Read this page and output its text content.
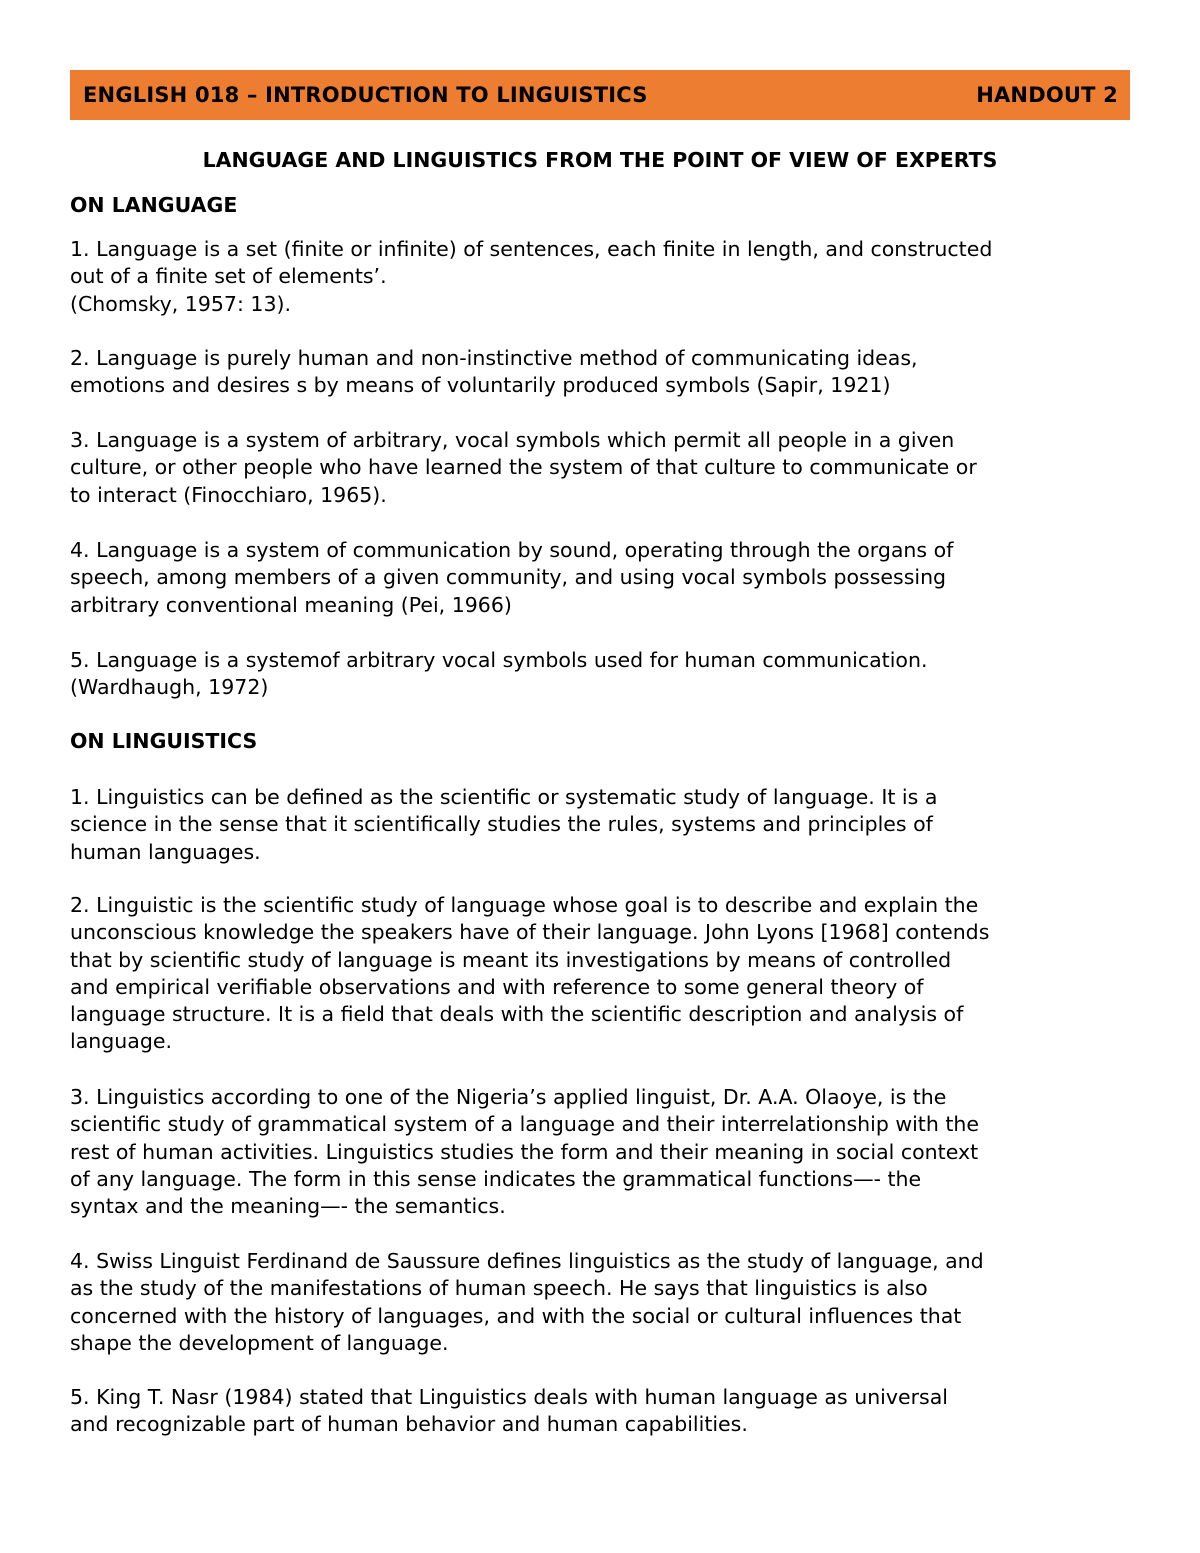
ENGLISH 018 – INTRODUCTION TO LINGUISTICS	HANDOUT 2
LANGUAGE AND LINGUISTICS FROM THE POINT OF VIEW OF EXPERTS
ON LANGUAGE

1. Language is a set (finite or infinite) of sentences, each finite in length, and constructed
out of a finite set of elements’.
(Chomsky, 1957: 13).

2. Language is purely human and non-instinctive method of communicating ideas,
emotions and desires s by means of voluntarily produced symbols (Sapir, 1921)

3. Language is a system of arbitrary, vocal symbols which permit all people in a given
culture, or other people who have learned the system of that culture to communicate or
to interact (Finocchiaro, 1965).

4. Language is a system of communication by sound, operating through the organs of
speech, among members of a given community, and using vocal symbols possessing
arbitrary conventional meaning (Pei, 1966)

5. Language is a systemof arbitrary vocal symbols used for human communication.
(Wardhaugh, 1972)

ON LINGUISTICS

1. Linguistics can be defined as the scientific or systematic study of language. It is a
science in the sense that it scientifically studies the rules, systems and principles of
human languages.

2. Linguistic is the scientific study of language whose goal is to describe and explain the
unconscious knowledge the speakers have of their language. John Lyons [1968] contends
that by scientific study of language is meant its investigations by means of controlled
and empirical verifiable observations and with reference to some general theory of
language structure. It is a field that deals with the scientific description and analysis of
language.

3. Linguistics according to one of the Nigeria’s applied linguist, Dr. A.A. Olaoye, is the
scientific study of grammatical system of a language and their interrelationship with the
rest of human activities. Linguistics studies the form and their meaning in social context
of any language. The form in this sense indicates the grammatical functions—- the
syntax and the meaning—- the semantics.

4. Swiss Linguist Ferdinand de Saussure defines linguistics as the study of language, and
as the study of the manifestations of human speech. He says that linguistics is also
concerned with the history of languages, and with the social or cultural influences that
shape the development of language.

5. King T. Nasr (1984) stated that Linguistics deals with human language as universal
and recognizable part of human behavior and human capabilities.
